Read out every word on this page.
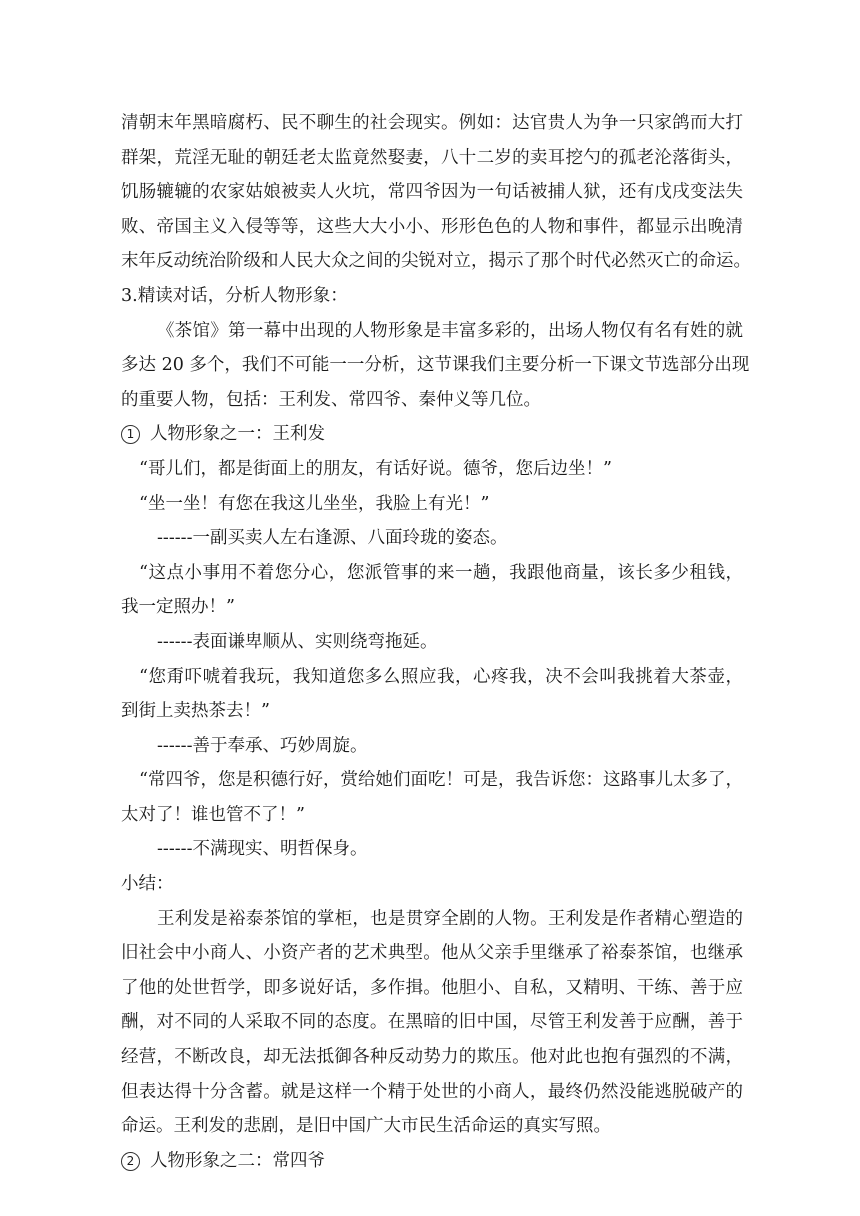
清朝末年黑暗腐朽、民不聊生的社会现实。例如：达官贵人为争一只家鸽而大打
群架，荒淫无耻的朝廷老太监竟然娶妻，八十二岁的卖耳挖勺的孤老沦落街头，
饥肠辘辘的农家姑娘被卖人火坑，常四爷因为一句话被捕人狱，还有戊戌变法失
败、帝国主义入侵等等，这些大大小小、形形色色的人物和事件，都显示出晚清
末年反动统治阶级和人民大众之间的尖锐对立，揭示了那个时代必然灭亡的命运。
3.精读对话，分析人物形象：
《茶馆》第一幕中出现的人物形象是丰富多彩的，出场人物仅有名有姓的就
多达 20 多个，我们不可能一一分析，这节课我们主要分析一下课文节选部分出现
的重要人物，包括：王利发、常四爷、秦仲义等几位。
1 人物形象之一：王利发
“哥儿们，都是街面上的朋友，有话好说。德爷，您后边坐！”
“坐一坐！有您在我这儿坐坐，我脸上有光！”
------一副买卖人左右逢源、八面玲珑的姿态。
“这点小事用不着您分心，您派管事的来一趟，我跟他商量，该长多少租钱，
我一定照办！”
------表面谦卑顺从、实则绕弯拖延。
“您甭吓唬着我玩，我知道您多么照应我，心疼我，决不会叫我挑着大茶壶，
到街上卖热茶去！”
------善于奉承、巧妙周旋。
“常四爷，您是积德行好，赏给她们面吃！可是，我告诉您：这路事儿太多了，
太对了！谁也管不了！”
------不满现实、明哲保身。
小结：
王利发是裕泰茶馆的掌柜，也是贯穿全剧的人物。王利发是作者精心塑造的
旧社会中小商人、小资产者的艺术典型。他从父亲手里继承了裕泰茶馆，也继承
了他的处世哲学，即多说好话，多作揖。他胆小、自私，又精明、干练、善于应
酬，对不同的人采取不同的态度。在黑暗的旧中国，尽管王利发善于应酬，善于
经营，不断改良，却无法抵御各种反动势力的欺压。他对此也抱有强烈的不满，
但表达得十分含蓄。就是这样一个精于处世的小商人，最终仍然没能逃脱破产的
命运。王利发的悲剧，是旧中国广大市民生活命运的真实写照。
2 人物形象之二：常四爷
